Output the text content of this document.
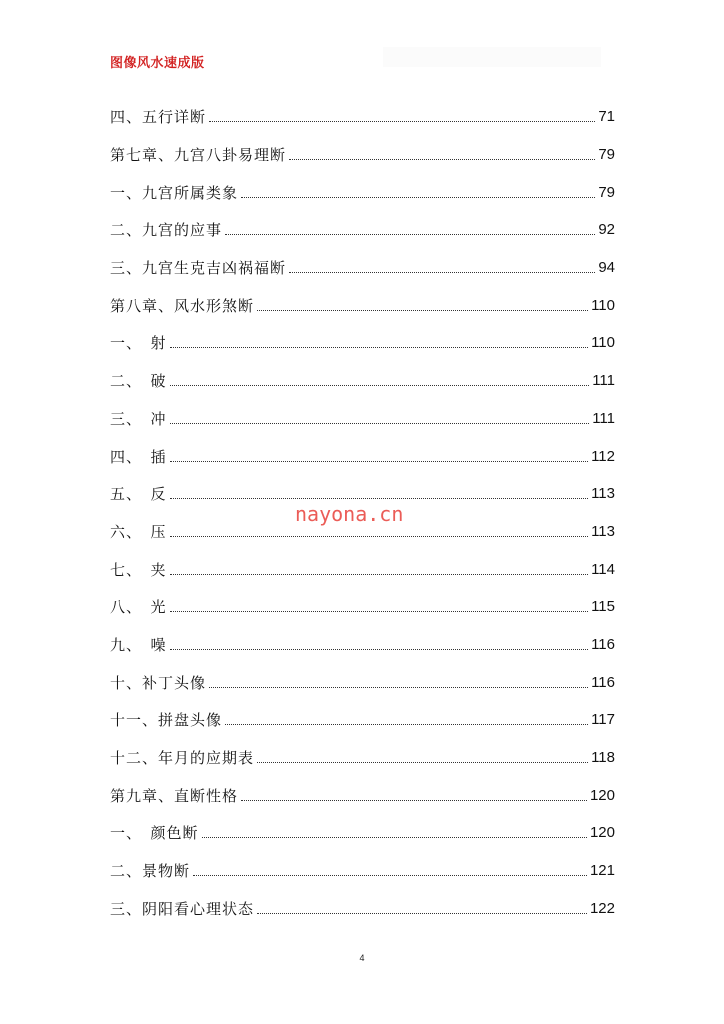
图像风水速成版
四、五行详断	71
第七章、九宫八卦易理断	79
一、九宫所属类象	79
二、九宫的应事	92
三、九宫生克吉凶祸福断	94
第八章、风水形煞断	110
一、　射	110
二、　破	111
三、　冲	111
四、　插	112
五、　反	113
六、　压	113
七、　夹	114
八、　光	115
九、　噪	116
十、补丁头像	116
十一、拼盘头像	117
十二、年月的应期表	118
第九章、直断性格	120
一、　颜色断	120
二、景物断	121
三、阴阳看心理状态	122
nayona.cn
4
